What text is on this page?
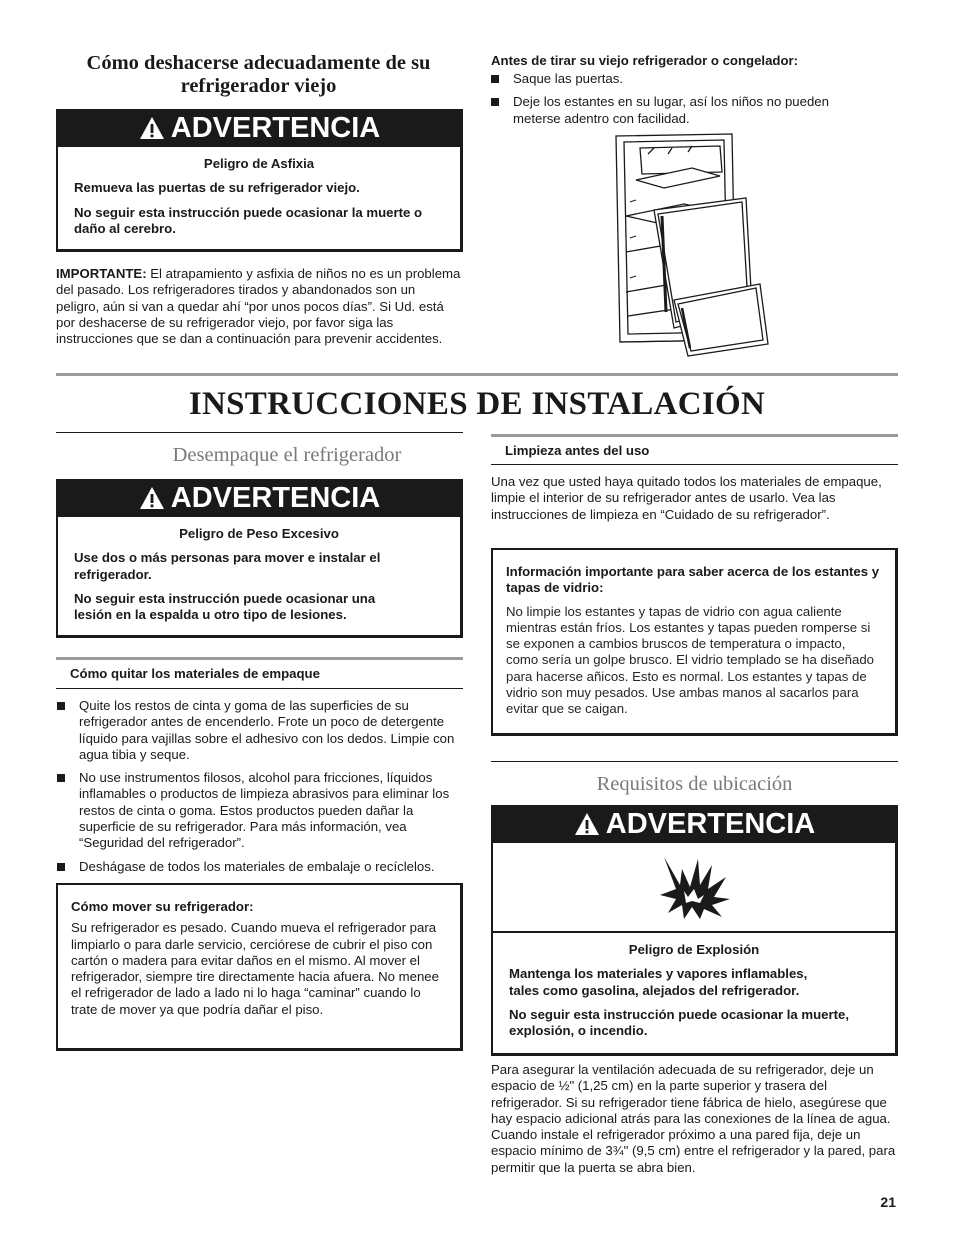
Cómo deshacerse adecuadamente de su refrigerador viejo
ADVERTENCIA

Peligro de Asfixia

Remueva las puertas de su refrigerador viejo.

No seguir esta instrucción puede ocasionar la muerte o daño al cerebro.

IMPORTANTE: El atrapamiento y asfixia de niños no es un problema del pasado. Los refrigeradores tirados y abandonados son un peligro, aún si van a quedar ahí “por unos pocos días”. Si Ud. está por deshacerse de su refrigerador viejo, por favor siga las instrucciones que se dan a continuación para prevenir accidentes.

Antes de tirar su viejo refrigerador o congelador:
Saque las puertas.
Deje los estantes en su lugar, así los niños no pueden meterse adentro con facilidad.
INSTRUCCIONES DE INSTALACIÓN
Desempaque el refrigerador
ADVERTENCIA

Peligro de Peso Excesivo

Use dos o más personas para mover e instalar el refrigerador.

No seguir esta instrucción puede ocasionar una lesión en la espalda u otro tipo de lesiones.

Cómo quitar los materiales de empaque
Quite los restos de cinta y goma de las superficies de su refrigerador antes de encenderlo. Frote un poco de detergente líquido para vajillas sobre el adhesivo con los dedos. Limpie con agua tibia y seque.
No use instrumentos filosos, alcohol para fricciones, líquidos inflamables o productos de limpieza abrasivos para eliminar los restos de cinta o goma. Estos productos pueden dañar la superficie de su refrigerador. Para más información, vea “Seguridad del refrigerador”.
Deshágase de todos los materiales de embalaje o recíclelos.

Cómo mover su refrigerador:

Su refrigerador es pesado. Cuando mueva el refrigerador para limpiarlo o para darle servicio, cerciórese de cubrir el piso con cartón o madera para evitar daños en el mismo. Al mover el refrigerador, siempre tire directamente hacia afuera. No menee el refrigerador de lado a lado ni lo haga “caminar” cuando lo trate de mover ya que podría dañar el piso.

Limpieza antes del uso

Una vez que usted haya quitado todos los materiales de empaque, limpie el interior de su refrigerador antes de usarlo. Vea las instrucciones de limpieza en “Cuidado de su refrigerador”.

Información importante para saber acerca de los estantes y tapas de vidrio:

No limpie los estantes y tapas de vidrio con agua caliente mientras están fríos. Los estantes y tapas pueden romperse si se exponen a cambios bruscos de temperatura o impacto, como sería un golpe brusco. El vidrio templado se ha diseñado para hacerse añicos. Esto es normal. Los estantes y tapas de vidrio son muy pesados. Use ambas manos al sacarlos para evitar que se caigan.

Requisitos de ubicación
ADVERTENCIA

Peligro de Explosión

Mantenga los materiales y vapores inflamables, tales como gasolina, alejados del refrigerador.

No seguir esta instrucción puede ocasionar la muerte, explosión, o incendio.

Para asegurar la ventilación adecuada de su refrigerador, deje un espacio de ½" (1,25 cm) en la parte superior y trasera del refrigerador. Si su refrigerador tiene fábrica de hielo, asegúrese que hay espacio adicional atrás para las conexiones de la línea de agua. Cuando instale el refrigerador próximo a una pared fija, deje un espacio mínimo de 3¾" (9,5 cm) entre el refrigerador y la pared, para permitir que la puerta se abra bien.

21
